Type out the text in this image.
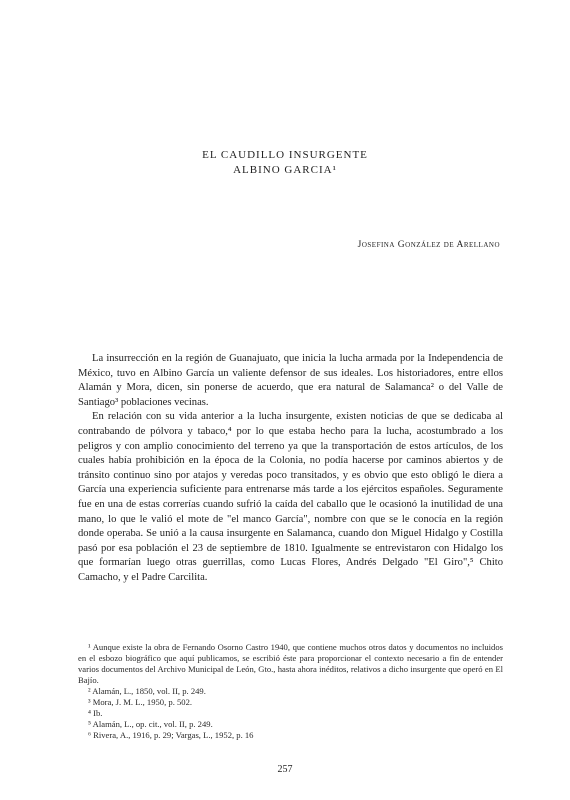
EL CAUDILLO INSURGENTE
ALBINO GARCIA¹
Josefina González de Arellano

La insurrección en la región de Guanajuato, que inicia la lucha armada por la Independencia de México, tuvo en Albino García un valiente defensor de sus ideales. Los historiadores, entre ellos Alamán y Mora, dicen, sin ponerse de acuerdo, que era natural de Salamanca² o del Valle de Santiago³ poblaciones vecinas.

En relación con su vida anterior a la lucha insurgente, existen noticias de que se dedicaba al contrabando de pólvora y tabaco,⁴ por lo que estaba hecho para la lucha, acostumbrado a los peligros y con amplio conocimiento del terreno ya que la transportación de estos artículos, de los cuales había prohibición en la época de la Colonia, no podía hacerse por caminos abiertos y de tránsito continuo sino por atajos y veredas poco transitados, y es obvio que esto obligó le diera a García una experiencia suficiente para entrenarse más tarde a los ejércitos españoles. Seguramente fue en una de estas correrías cuando sufrió la caída del caballo que le ocasionó la inutilidad de una mano, lo que le valió el mote de "el manco García", nombre con que se le conocía en la región donde operaba. Se unió a la causa insurgente en Salamanca, cuando don Miguel Hidalgo y Costilla pasó por esa población el 23 de septiembre de 1810. Igualmente se entrevistaron con Hidalgo los que formarían luego otras guerrillas, como Lucas Flores, Andrés Delgado "El Giro",⁵ Chito Camacho, y el Padre Carcilita.

¹ Aunque existe la obra de Fernando Osorno Castro 1940, que contiene muchos otros datos y documentos no incluidos en el esbozo biográfico que aquí publicamos, se escribió éste para proporcionar el contexto necesario a fin de entender varios documentos del Archivo Municipal de León, Gto., hasta ahora inéditos, relativos a dicho insurgente que operó en El Bajío.

² Alamán, L., 1850, vol. II, p. 249.

³ Mora, J. M. L., 1950, p. 502.

⁴ Ib.

⁵ Alamán, L., op. cit., vol. II, p. 249.

⁶ Rivera, A., 1916, p. 29; Vargas, L., 1952, p. 16

257
